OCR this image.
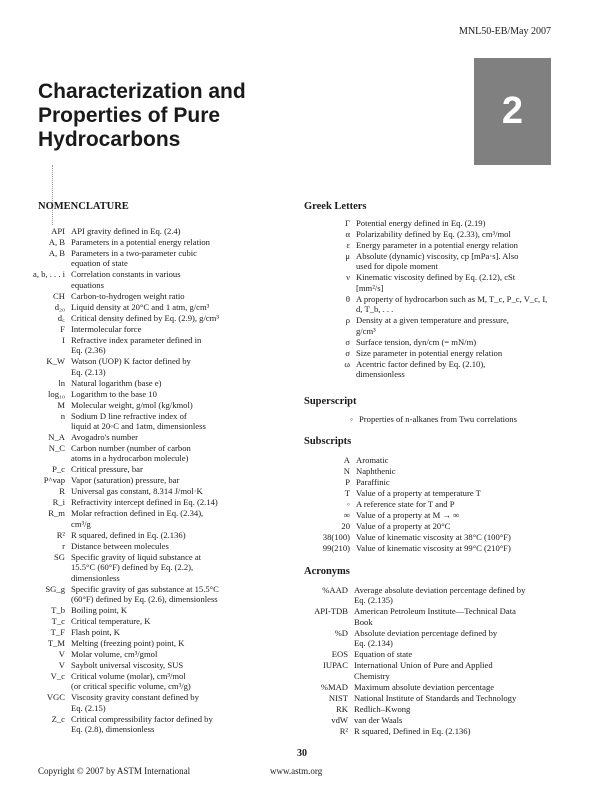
MNL50-EB/May 2007
Characterization and
Properties of Pure
Hydrocarbons
2
NOMENCLATURE
API API gravity defined in Eq. (2.4)
A, B Parameters in a potential energy relation
A, B Parameters in a two-parameter cubic
equation of state
a, b, . . . i Correlation constants in various
equations
CH Carbon-to-hydrogen weight ratio
d₂₀ Liquid density at 20°C and 1 atm, g/cm³
d꜀ Critical density defined by Eq. (2.9), g/cm³
F Intermolecular force
I Refractive index parameter defined in
Eq. (2.36)
K_W Watson (UOP) K factor defined by
Eq. (2.13)
ln Natural logarithm (base e)
log₁₀ Logarithm to the base 10
M Molecular weight, g/mol (kg/kmol)
n Sodium D line refractive index of
liquid at 20◦C and 1atm, dimensionless
N_A Avogadro's number
N_C Carbon number (number of carbon
atoms in a hydrocarbon molecule)
P_c Critical pressure, bar
P^vap Vapor (saturation) pressure, bar
R Universal gas constant, 8.314 J/mol·K
R_i Refractivity intercept defined in Eq. (2.14)
R_m Molar refraction defined in Eq. (2.34),
cm³/g
R² R squared, defined in Eq. (2.136)
r Distance between molecules
SG Specific gravity of liquid substance at
15.5°C (60°F) defined by Eq. (2.2),
dimensionless
SG_g Specific gravity of gas substance at 15.5°C
(60°F) defined by Eq. (2.6), dimensionless
T_b Boiling point, K
T_c Critical temperature, K
T_F Flash point, K
T_M Melting (freezing point) point, K
V Molar volume, cm³/gmol
V Saybolt universal viscosity, SUS
V_c Critical volume (molar), cm³/mol
(or critical specific volume, cm³/g)
VGC Viscosity gravity constant defined by
Eq. (2.15)
Z_c Critical compressibility factor defined by
Eq. (2.8), dimensionless
Greek Letters
Γ Potential energy defined in Eq. (2.19)
α Polarizability defined by Eq. (2.33), cm³/mol
ε Energy parameter in a potential energy relation
μ Absolute (dynamic) viscosity, cp [mPa·s]. Also
used for dipole moment
ν Kinematic viscosity defined by Eq. (2.12), cSt
[mm²/s]
θ A property of hydrocarbon such as M, T_c, P_c, V_c, I,
d, T_b, . . .
ρ Density at a given temperature and pressure,
g/cm³
σ Surface tension, dyn/cm (= mN/m)
σ Size parameter in potential energy relation
ω Acentric factor defined by Eq. (2.10),
dimensionless
Superscript
◦ Properties of n-alkanes from Twu correlations
Subscripts
A Aromatic
N Naphthenic
P Paraffinic
T Value of a property at temperature T
◦ A reference state for T and P
∞ Value of a property at M → ∞
20 Value of a property at 20°C
38(100) Value of kinematic viscosity at 38°C (100°F)
99(210) Value of kinematic viscosity at 99°C (210°F)
Acronyms
%AAD Average absolute deviation percentage defined by
Eq. (2.135)
API-TDB American Petroleum Institute—Technical Data
Book
%D Absolute deviation percentage defined by
Eq. (2.134)
EOS Equation of state
IUPAC International Union of Pure and Applied
Chemistry
%MAD Maximum absolute deviation percentage
NIST National Institute of Standards and Technology
RK Redlich–Kwong
vdW van der Waals
R² R squared, Defined in Eq. (2.136)
30
Copyright © 2007 by ASTM International	www.astm.org
